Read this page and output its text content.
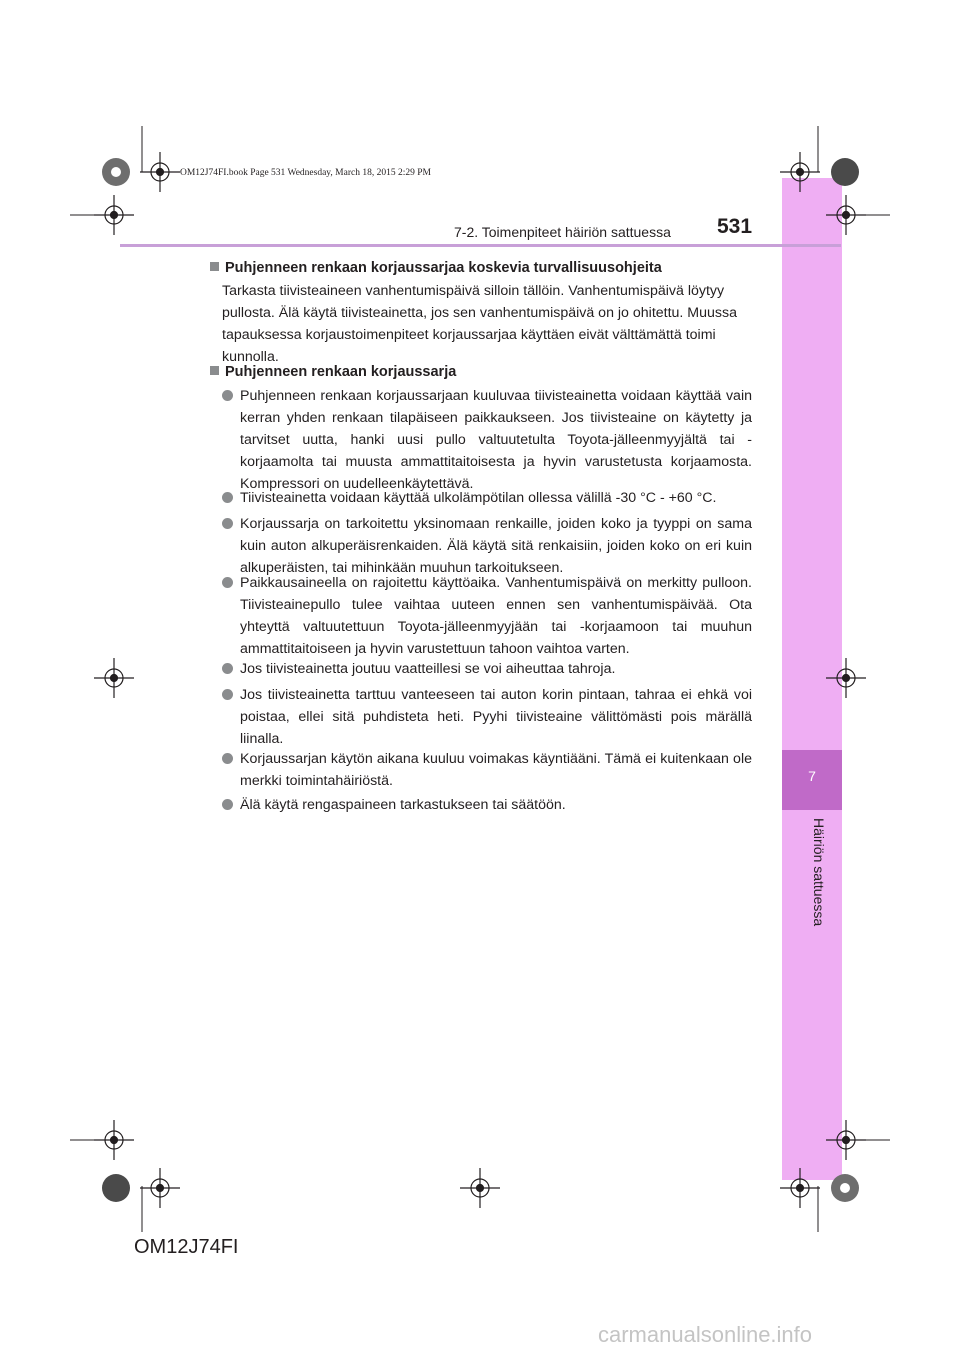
7
Häiriön sattuessa
OM12J74FI.book Page 531 Wednesday, March 18, 2015 2:29 PM
7-2. Toimenpiteet häiriön sattuessa 531
Puhjenneen renkaan korjaussarjaa koskevia turvallisuusohjeita
Tarkasta tiivisteaineen vanhentumispäivä silloin tällöin. Vanhentumispäivä löytyy pullosta. Älä käytä tiivisteainetta, jos sen vanhentumispäivä on jo ohitettu. Muussa tapauksessa korjaustoimenpiteet korjaussarjaa käyttäen eivät välttämättä toimi kunnolla.
Puhjenneen renkaan korjaussarja
Puhjenneen renkaan korjaussarjaan kuuluvaa tiivisteainetta voidaan käyttää vain kerran yhden renkaan tilapäiseen paikkaukseen. Jos tiivisteaine on käytetty ja tarvitset uutta, hanki uusi pullo valtuutetulta Toyota-jälleenmyyjältä tai -korjaamolta tai muusta ammattitaitoisesta ja hyvin varustetusta korjaamosta. Kompressori on uudelleenkäytettävä.
Tiivisteainetta voidaan käyttää ulkolämpötilan ollessa välillä -30 °C - +60 °C.
Korjaussarja on tarkoitettu yksinomaan renkaille, joiden koko ja tyyppi on sama kuin auton alkuperäisrenkaiden. Älä käytä sitä renkaisiin, joiden koko on eri kuin alkuperäisten, tai mihinkään muuhun tarkoitukseen.
Paikkausaineella on rajoitettu käyttöaika. Vanhentumispäivä on merkitty pulloon. Tiivisteainepullo tulee vaihtaa uuteen ennen sen vanhentumispäivää. Ota yhteyttä valtuutettuun Toyota-jälleenmyyjään tai -korjaamoon tai muuhun ammattitaitoiseen ja hyvin varustettuun tahoon vaihtoa varten.
Jos tiivisteainetta joutuu vaatteillesi se voi aiheuttaa tahroja.
Jos tiivisteainetta tarttuu vanteeseen tai auton korin pintaan, tahraa ei ehkä voi poistaa, ellei sitä puhdisteta heti. Pyyhi tiivisteaine välittömästi pois märällä liinalla.
Korjaussarjan käytön aikana kuuluu voimakas käyntiääni. Tämä ei kuitenkaan ole merkki toimintahäiriöstä.
Älä käytä rengaspaineen tarkastukseen tai säätöön.
OM12J74FI
carmanualsonline.info
